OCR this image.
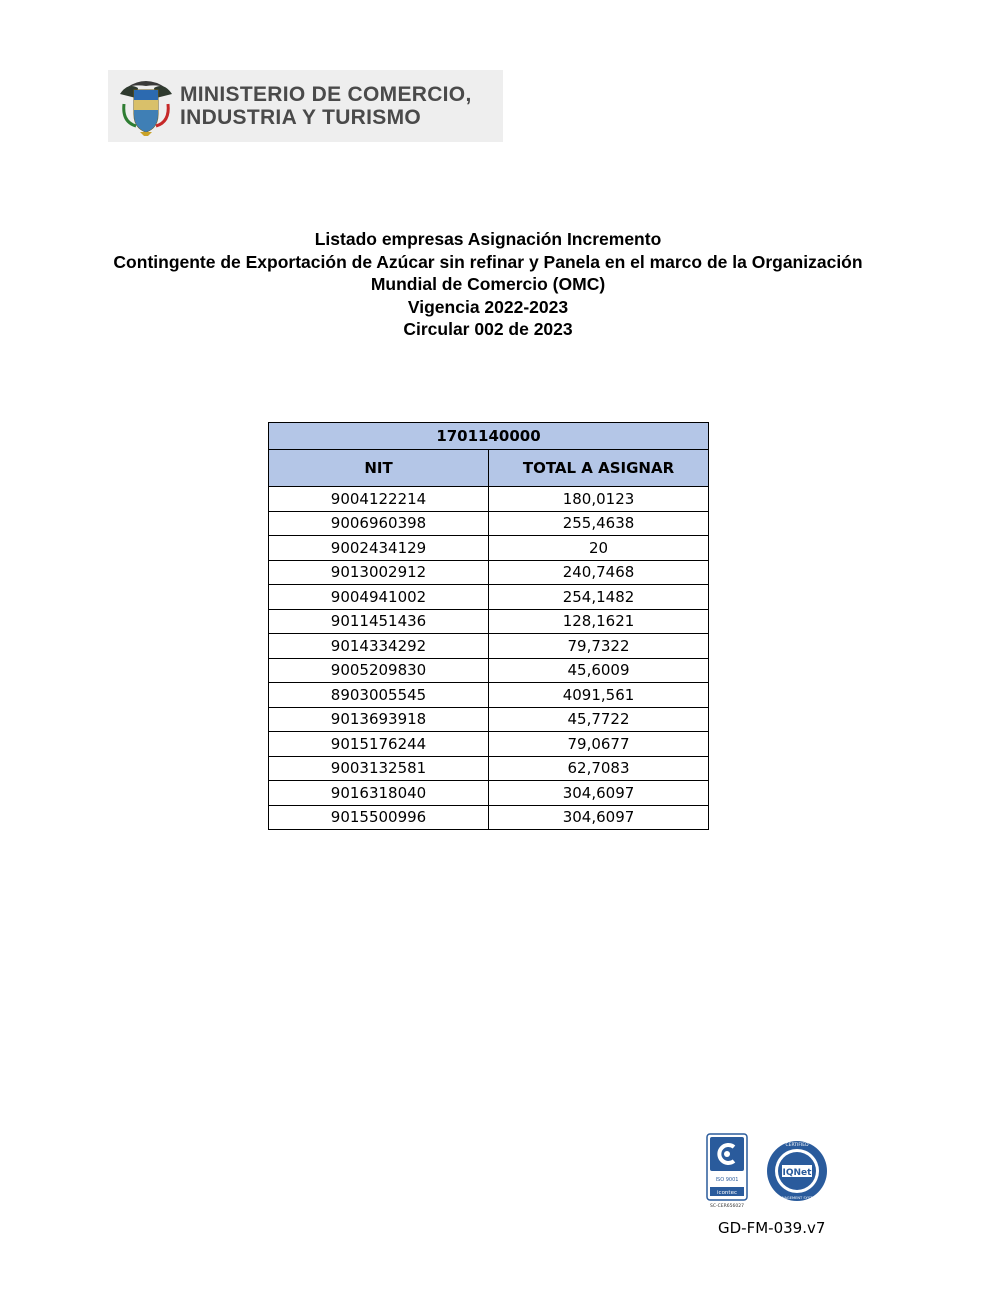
MINISTERIO DE COMERCIO,
INDUSTRIA Y TURISMO
Listado empresas Asignación Incremento
Contingente de Exportación de Azúcar sin refinar y Panela en el marco de la Organización
Mundial de Comercio (OMC)
Vigencia 2022-2023
Circular 002 de 2023
1701140000	
NIT	TOTAL A ASIGNAR
9004122214	180,0123
9006960398	255,4638
9002434129	20
9013002912	240,7468
9004941002	254,1482
9011451436	128,1621
9014334292	79,7322
9005209830	45,6009
8903005545	4091,561
9013693918	45,7722
9015176244	79,0677
9003132581	62,7083
9016318040	304,6097
9015500996	304,6097
ISO 9001
icontec
SC-CER656027
CERTIFIED
MANAGEMENT SYSTEM
IQNet
GD-FM-039.v7
